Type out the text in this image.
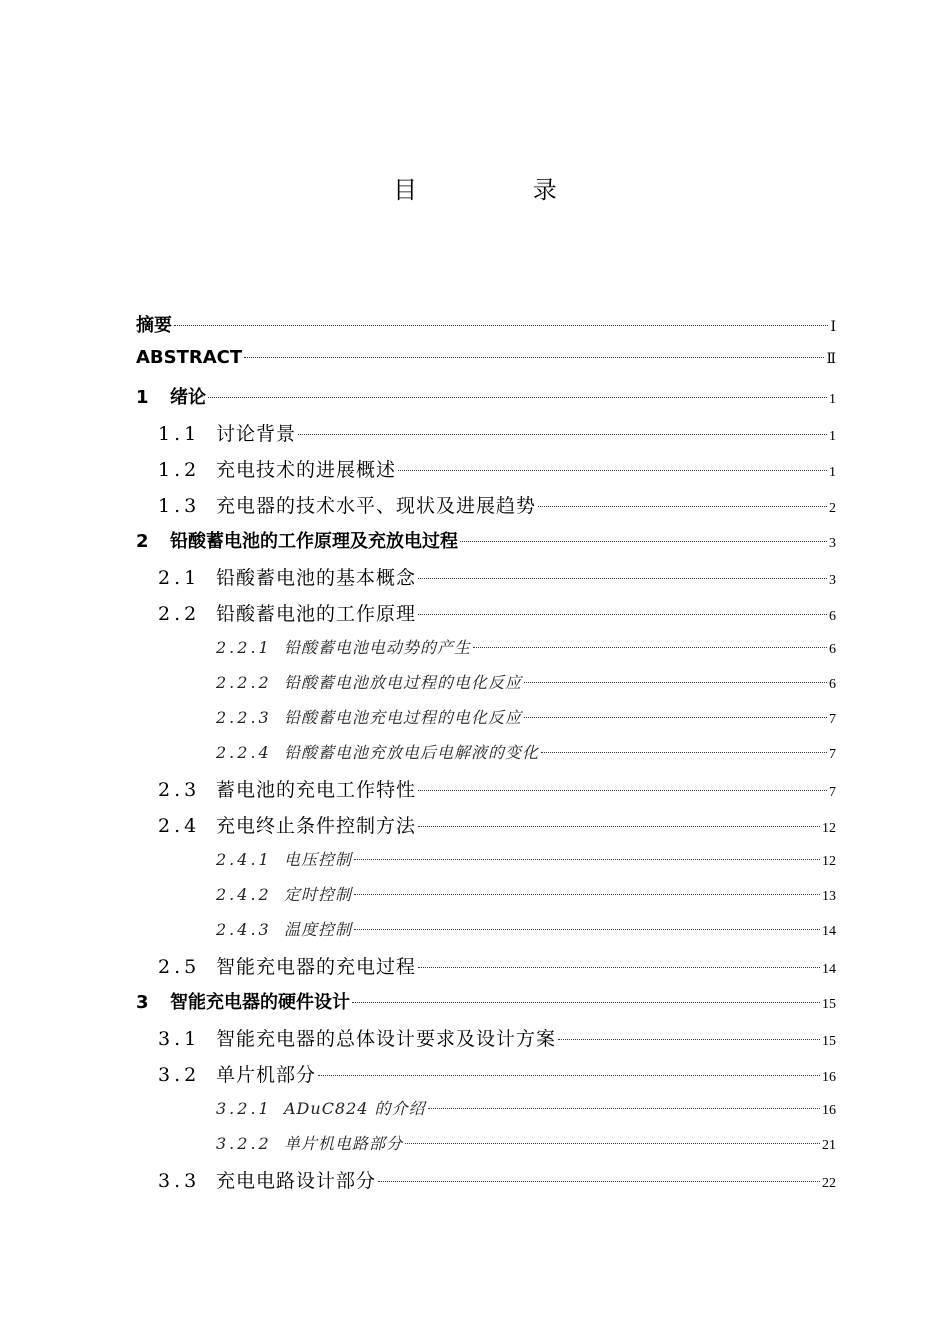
目 录
摘要	Ⅰ
ABSTRACT	Ⅱ
1	绪论	1
1.1 讨论背景	1
1.2 充电技术的进展概述	1
1.3 充电器的技术水平、现状及进展趋势	2
2	铅酸蓄电池的工作原理及充放电过程	3
2.1 铅酸蓄电池的基本概念	3
2.2 铅酸蓄电池的工作原理	6
2.2.1 铅酸蓄电池电动势的产生	6
2.2.2 铅酸蓄电池放电过程的电化反应	6
2.2.3 铅酸蓄电池充电过程的电化反应	7
2.2.4 铅酸蓄电池充放电后电解液的变化	7
2.3 蓄电池的充电工作特性	7
2.4 充电终止条件控制方法	12
2.4.1 电压控制	12
2.4.2 定时控制	13
2.4.3 温度控制	14
2.5 智能充电器的充电过程	14
3	智能充电器的硬件设计	15
3.1 智能充电器的总体设计要求及设计方案	15
3.2 单片机部分	16
3.2.1 ADuC824 的介绍	16
3.2.2 单片机电路部分	21
3.3 充电电路设计部分	22
